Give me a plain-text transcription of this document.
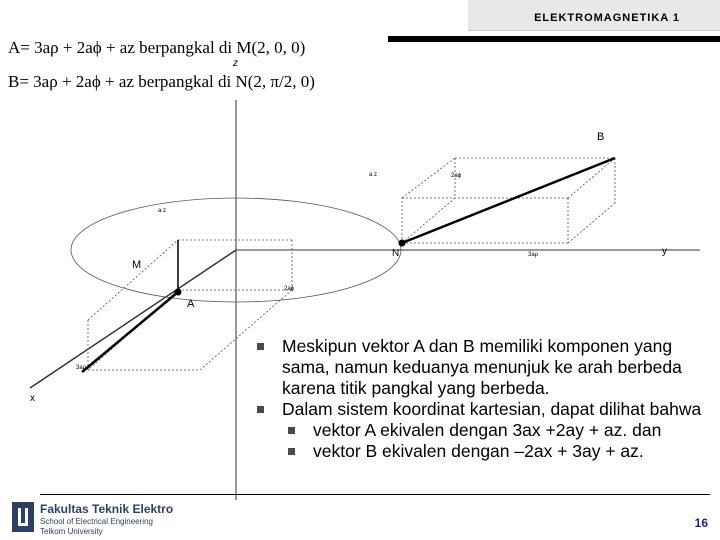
ELEKTROMAGNETIKA 1
A= 3aρ + 2aϕ + az berpangkal di M(2, 0, 0)
z
B= 3aρ + 2aϕ + az berpangkal di N(2, π/2, 0)
B
A
M
N	y
x
a z
a z
2aϕ
2aϕ
3aρ
3aρ
Meskipun vektor A dan B memiliki komponen yang sama, namun keduanya menunjuk ke arah berbeda karena titik pangkal yang berbeda.
Dalam sistem koordinat kartesian, dapat dilihat bahwa
vektor A ekivalen dengan 3ax +2ay + az. dan
vektor B ekivalen dengan –2ax + 3ay + az.
Fakultas Teknik Elektro
School of Electrical Engineering
Telkom University
16
